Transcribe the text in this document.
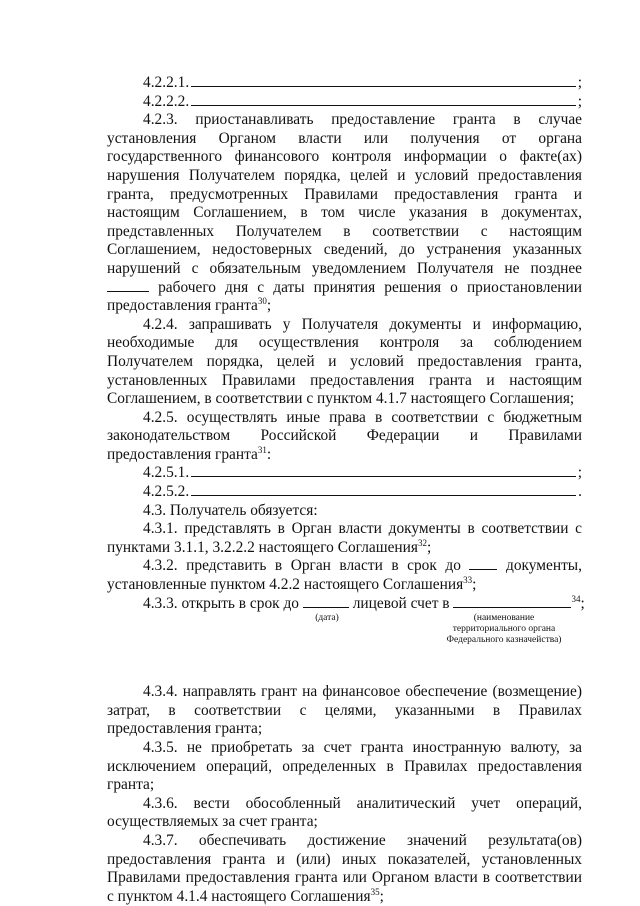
4.2.2.1.	;

4.2.2.2.	;

4.2.3. приостанавливать предоставление гранта в случае установления Органом власти или получения от органа государственного финансового контроля информации о факте(ах) нарушения Получателем порядка, целей и условий предоставления гранта, предусмотренных Правилами предоставления гранта и настоящим Соглашением, в том числе указания в документах, представленных Получателем в соответствии с настоящим Соглашением, недостоверных сведений, до устранения указанных нарушений с обязательным уведомлением Получателя не позднее  рабочего дня с даты принятия решения о приостановлении предоставления гранта$^{30}$;

4.2.4. запрашивать у Получателя документы и информацию, необходимые для осуществления контроля за соблюдением Получателем порядка, целей и условий предоставления гранта, установленных Правилами предоставления гранта и настоящим Соглашением, в соответствии с пунктом 4.1.7 настоящего Соглашения;

4.2.5. осуществлять иные права в соответствии с бюджетным законодательством Российской Федерации и Правилами предоставления гранта$^{31}$:

4.2.5.1.	;

4.2.5.2.	.

4.3. Получатель обязуется:

4.3.1. представлять в Орган власти документы в соответствии с пунктами 3.1.1, 3.2.2.2 настоящего Соглашения$^{32}$;

4.3.2. представить в Орган власти в срок до	документы, установленные пунктом 4.2.2 настоящего Соглашения$^{33}$;

4.3.3. открыть в срок до	лицевой счет в	$^{34}$;

(дата)	(наименование территориального органа Федерального казначейства)

4.3.4. направлять грант на финансовое обеспечение (возмещение) затрат, в соответствии с целями, указанными в Правилах предоставления гранта;

4.3.5. не приобретать за счет гранта иностранную валюту, за исключением операций, определенных в Правилах предоставления гранта;

4.3.6. вести обособленный аналитический учет операций, осуществляемых за счет гранта;

4.3.7. обеспечивать достижение значений результата(ов) предоставления гранта и (или) иных показателей, установленных Правилами предоставления гранта или Органом власти в соответствии с пунктом 4.1.4 настоящего Соглашения$^{35}$;
